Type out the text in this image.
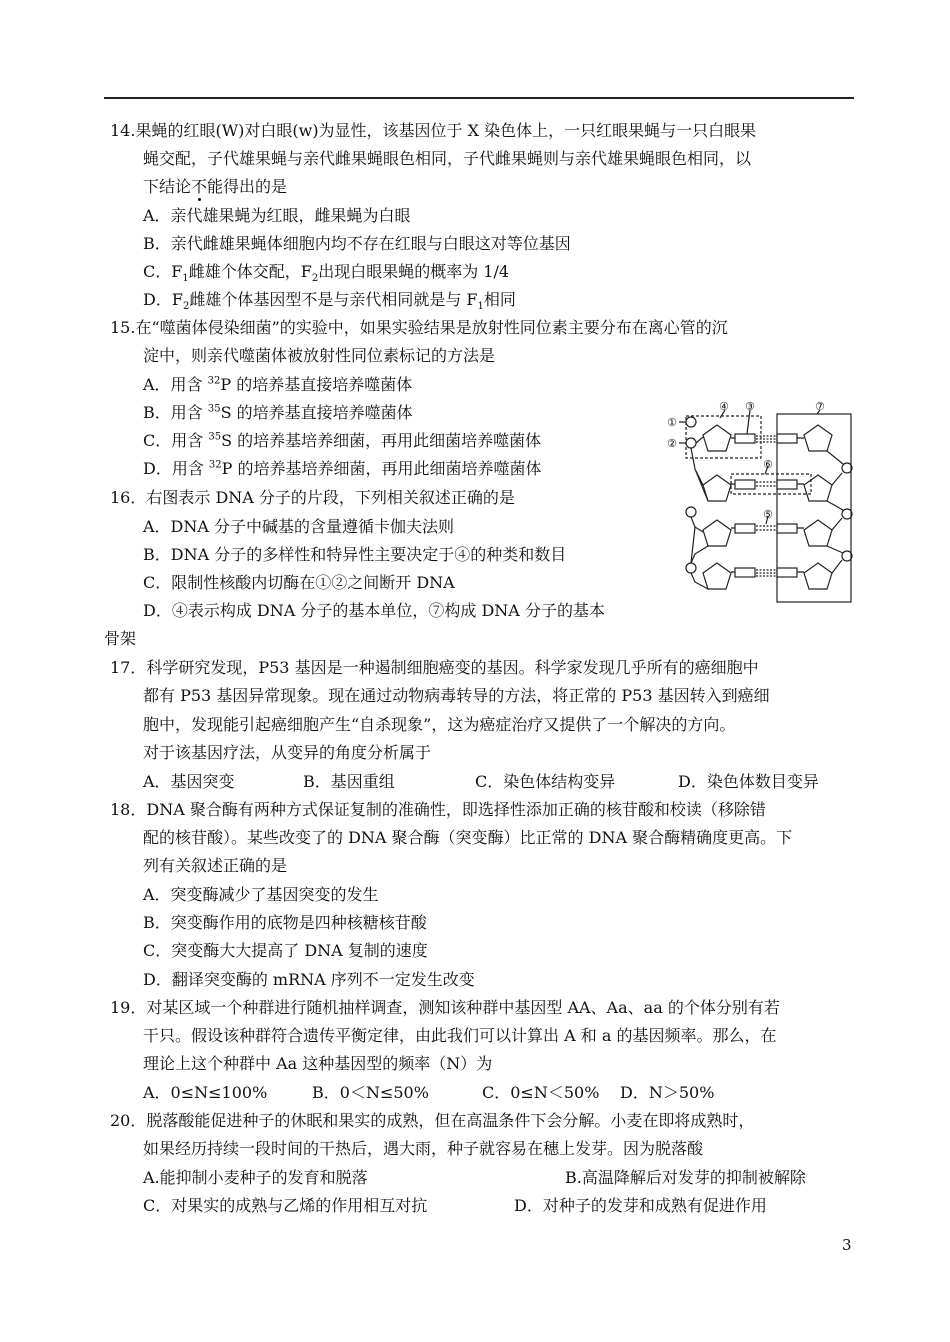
14.果蝇的红眼(W)对白眼(w)为显性，该基因位于 X 染色体上，一只红眼果蝇与一只白眼果
蝇交配，子代雄果蝇与亲代雌果蝇眼色相同，子代雌果蝇则与亲代雄果蝇眼色相同，以
下结论不能得出的是
A．亲代雄果蝇为红眼，雌果蝇为白眼
B．亲代雌雄果蝇体细胞内均不存在红眼与白眼这对等位基因
C．$F_1$雌雄个体交配，$F_2$出现白眼果蝇的概率为 1/4
D．$F_2$雌雄个体基因型不是与亲代相同就是与 $F_1$相同
15.在“噬菌体侵染细菌”的实验中，如果实验结果是放射性同位素主要分布在离心管的沉
淀中，则亲代噬菌体被放射性同位素标记的方法是
A．用含 $^{32}$P 的培养基直接培养噬菌体
B．用含 $^{35}$S 的培养基直接培养噬菌体
C．用含 $^{35}$S 的培养基培养细菌，再用此细菌培养噬菌体
D．用含 $^{32}$P 的培养基培养细菌，再用此细菌培养噬菌体
16．右图表示 DNA 分子的片段，下列相关叙述正确的是
A．DNA 分子中碱基的含量遵循卡伽夫法则
B．DNA 分子的多样性和特异性主要决定于④的种类和数目
C．限制性核酸内切酶在①②之间断开 DNA
D．④表示构成 DNA 分子的基本单位，⑦构成 DNA 分子的基本
骨架
①
②
③
④
⑤
⑥
⑦
17．科学研究发现，P53 基因是一种遏制细胞癌变的基因。科学家发现几乎所有的癌细胞中
都有 P53 基因异常现象。现在通过动物病毒转导的方法，将正常的 P53 基因转入到癌细
胞中，发现能引起癌细胞产生“自杀现象”，这为癌症治疗又提供了一个解决的方向。
对于该基因疗法，从变异的角度分析属于
A．基因突变	B．基因重组	C．染色体结构变异	D．染色体数目变异
18．DNA 聚合酶有两种方式保证复制的准确性，即选择性添加正确的核苷酸和校读（移除错
配的核苷酸）。某些改变了的 DNA 聚合酶（突变酶）比正常的 DNA 聚合酶精确度更高。下
列有关叙述正确的是
A．突变酶减少了基因突变的发生
B．突变酶作用的底物是四种核糖核苷酸
C．突变酶大大提高了 DNA 复制的速度
D．翻译突变酶的 mRNA 序列不一定发生改变
19．对某区域一个种群进行随机抽样调查，测知该种群中基因型 AA、Aa、aa 的个体分别有若
干只。假设该种群符合遗传平衡定律，由此我们可以计算出 A 和 a 的基因频率。那么，在
理论上这个种群中 Aa 这种基因型的频率（N）为
A．0≤N≤100%	B．0＜N≤50%	C．0≤N＜50% D．N＞50%
20．脱落酸能促进种子的休眠和果实的成熟，但在高温条件下会分解。小麦在即将成熟时，
如果经历持续一段时间的干热后，遇大雨，种子就容易在穗上发芽。因为脱落酸
A.能抑制小麦种子的发育和脱落	B.高温降解后对发芽的抑制被解除
C．对果实的成熟与乙烯的作用相互对抗	D．对种子的发芽和成熟有促进作用
3
